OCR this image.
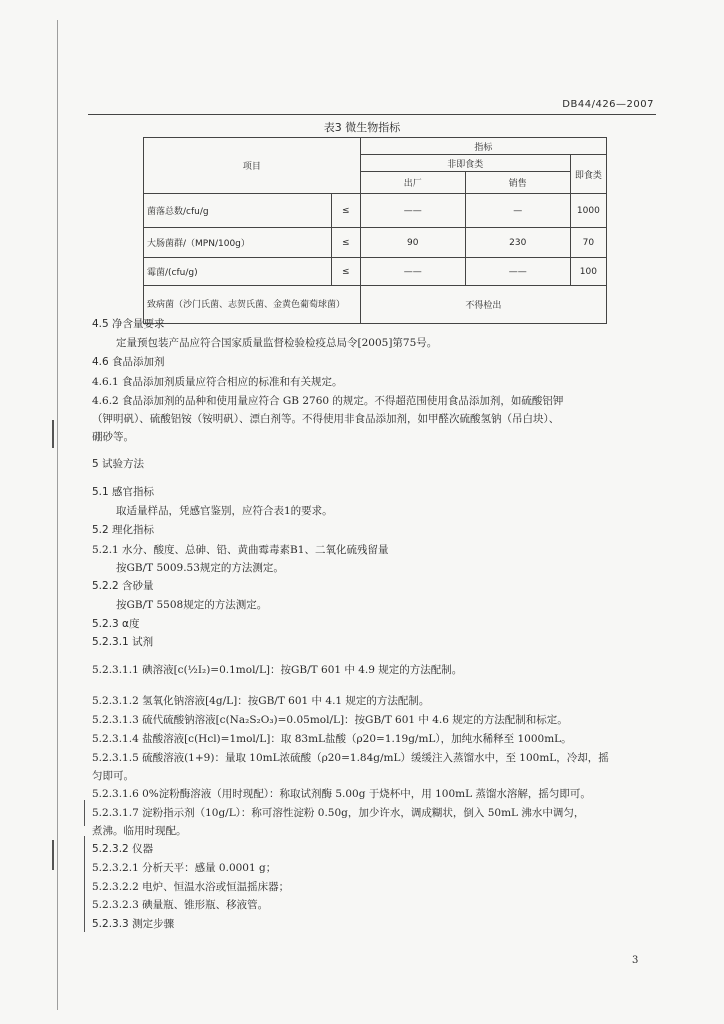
DB44/426—2007
表3 微生物指标
项目		指标		
		非即食类		即食类
		出厂	销售	
菌落总数/cfu/g	≤	——	—	1000
大肠菌群/（MPN/100g）	≤	90	230	70
霉菌/(cfu/g)	≤	——	——	100
致病菌（沙门氏菌、志贺氏菌、金黄色葡萄球菌）		不得检出		
4.5 净含量要求
定量预包装产品应符合国家质量监督检验检疫总局令[2005]第75号。
4.6 食品添加剂
4.6.1 食品添加剂质量应符合相应的标准和有关规定。
4.6.2 食品添加剂的品种和使用量应符合 GB 2760 的规定。不得超范围使用食品添加剂，如硫酸铝钾
（钾明矾）、硫酸铝铵（铵明矾）、漂白剂等。不得使用非食品添加剂，如甲醛次硫酸氢钠（吊白块）、
硼砂等。
5 试验方法
5.1 感官指标
取适量样品，凭感官鉴别，应符合表1的要求。
5.2 理化指标
5.2.1 水分、酸度、总砷、铅、黄曲霉毒素B1、二氧化硫残留量
按GB/T 5009.53规定的方法测定。
5.2.2 含砂量
按GB/T 5508规定的方法测定。
5.2.3 α度
5.2.3.1 试剂
5.2.3.1.1 碘溶液[c(½I₂)=0.1mol/L]：按GB/T 601 中 4.9 规定的方法配制。
5.2.3.1.2 氢氧化钠溶液[4g/L]：按GB/T 601 中 4.1 规定的方法配制。
5.2.3.1.3 硫代硫酸钠溶液[c(Na₂S₂O₃)=0.05mol/L]：按GB/T 601 中 4.6 规定的方法配制和标定。
5.2.3.1.4 盐酸溶液[c(Hcl)=1mol/L]：取 83mL盐酸（ρ20=1.19g/mL），加纯水稀释至 1000mL。
5.2.3.1.5 硫酸溶液(1+9)：量取 10mL浓硫酸（ρ20=1.84g/mL）缓缓注入蒸馏水中，至 100mL，冷却，摇
匀即可。
5.2.3.1.6 0%淀粉酶溶液（用时现配）：称取试剂酶 5.00g 于烧杯中，用 100mL 蒸馏水溶解，摇匀即可。
5.2.3.1.7 淀粉指示剂（10g/L）：称可溶性淀粉 0.50g，加少许水，调成糊状，倒入 50mL 沸水中调匀，
煮沸。临用时现配。
5.2.3.2 仪器
5.2.3.2.1 分析天平：感量 0.0001 g；
5.2.3.2.2 电炉、恒温水浴或恒温摇床器；
5.2.3.2.3 碘量瓶、锥形瓶、移液管。
5.2.3.3 测定步骤
3
